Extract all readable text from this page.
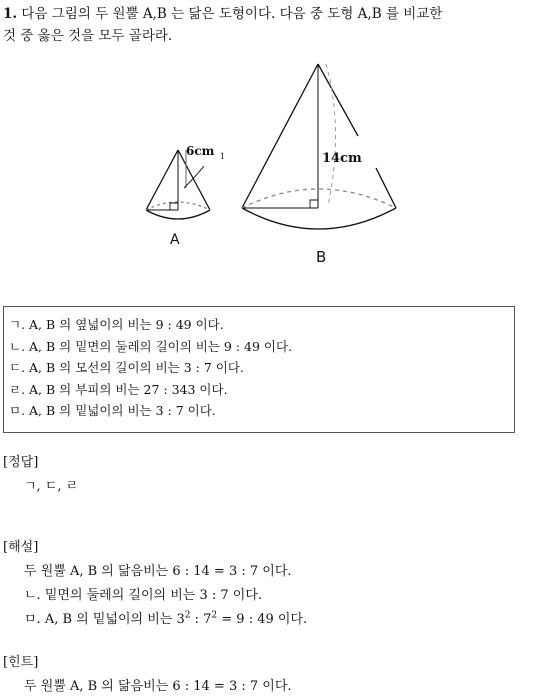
1. 다음 그림의 두 원뿔 A,B 는 닮은 도형이다. 다음 중 도형 A,B 를 비교한
것 중 옳은 것을 모두 골라라.
6cm 1
A
14cm
B
ㄱ. A, B 의 옆넓이의 비는 9 : 49 이다.
ㄴ. A, B 의 밑면의 둘레의 길이의 비는 9 : 49 이다.
ㄷ. A, B 의 모선의 길이의 비는 3 : 7 이다.
ㄹ. A, B 의 부피의 비는 27 : 343 이다.
ㅁ. A, B 의 밑넓이의 비는 3 : 7 이다.
[정답]
ㄱ, ㄷ, ㄹ
[해설]
두 원뿔 A, B 의 닮음비는 6 : 14 = 3 : 7 이다.
ㄴ. 밑면의 둘레의 길이의 비는 3 : 7 이다.
ㅁ. A, B 의 밑넓이의 비는 $3^2$ : $7^2 = 9$ : 49 이다.
[힌트]
두 원뿔 A, B 의 닮음비는 6 : 14 = 3 : 7 이다.
